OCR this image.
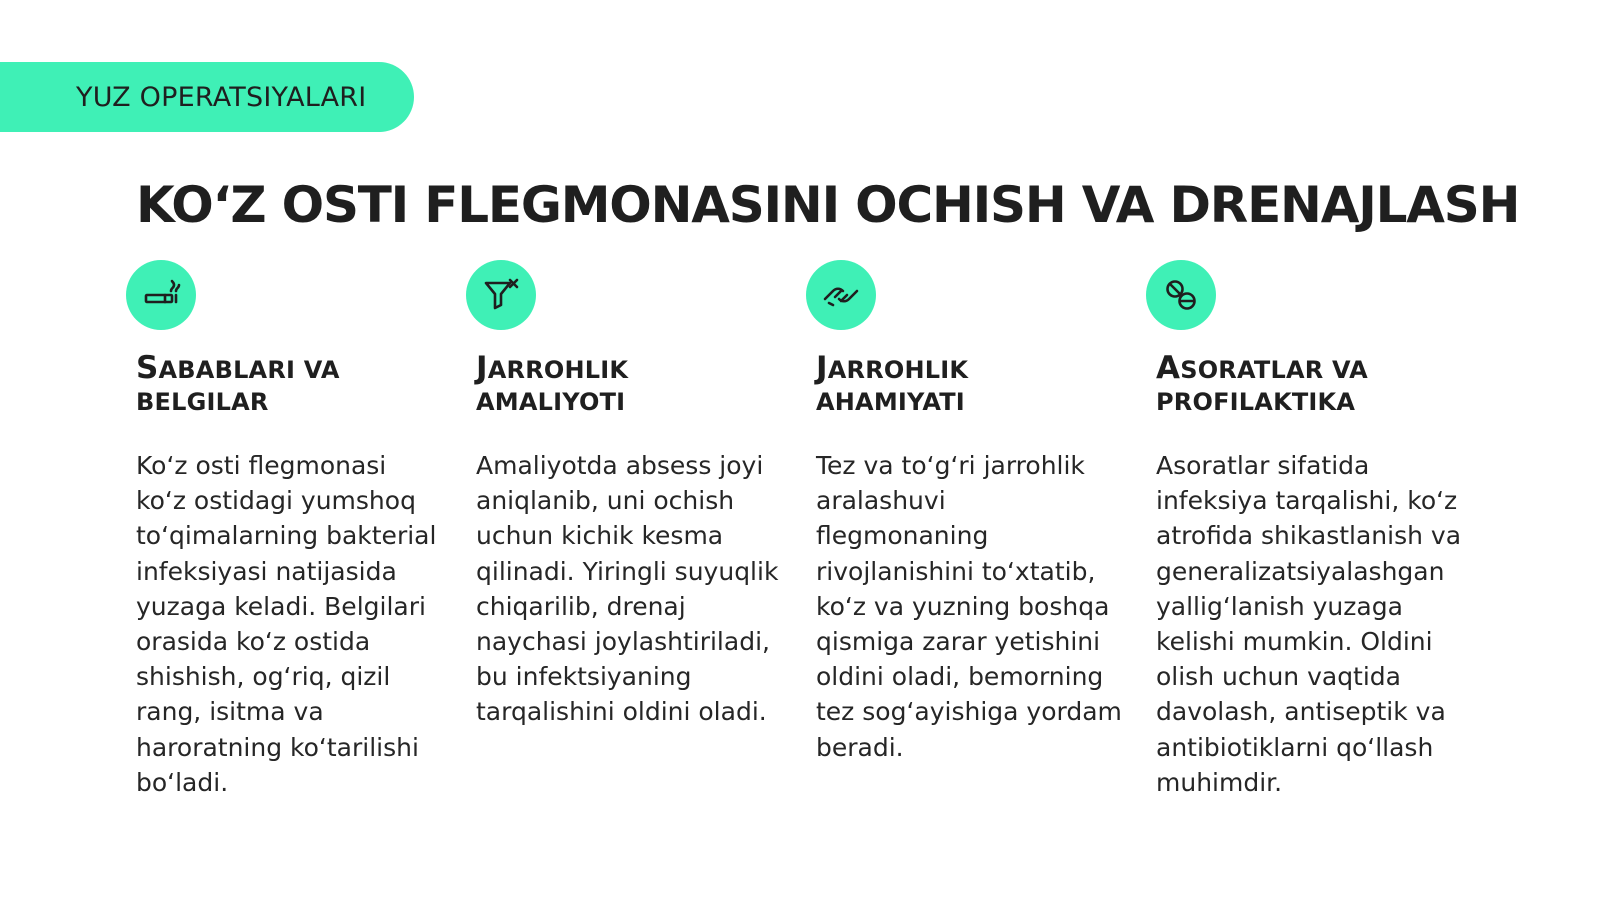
YUZ OPERATSIYALARI
KO‘Z OSTI FLEGMONASINI OCHISH VA DRENAJLASH
SABABLARI VA BELGILAR

Ko‘z osti flegmonasi ko‘z ostidagi yumshoq to‘qimalarning bakterial infeksiyasi natijasida yuzaga keladi. Belgilari orasida ko‘z ostida shishish, og‘riq, qizil rang, isitma va haroratning ko‘tarilishi bo‘ladi.

JARROHLIK AMALIYOTI

Amaliyotda absess joyi aniqlanib, uni ochish uchun kichik kesma qilinadi. Yiringli suyuqlik chiqarilib, drenaj naychasi joylashtiriladi, bu infektsiyaning tarqalishini oldini oladi.

JARROHLIK AHAMIYATI

Tez va to‘g‘ri jarrohlik aralashuvi flegmonaning rivojlanishini to‘xtatib, ko‘z va yuzning boshqa qismiga zarar yetishini oldini oladi, bemorning tez sog‘ayishiga yordam beradi.

ASORATLAR VA PROFILAKTIKA

Asoratlar sifatida infeksiya tarqalishi, ko‘z atrofida shikastlanish va generalizatsiyalashgan yallig‘lanish yuzaga kelishi mumkin. Oldini olish uchun vaqtida davolash, antiseptik va antibiotiklarni qo‘llash muhimdir.
